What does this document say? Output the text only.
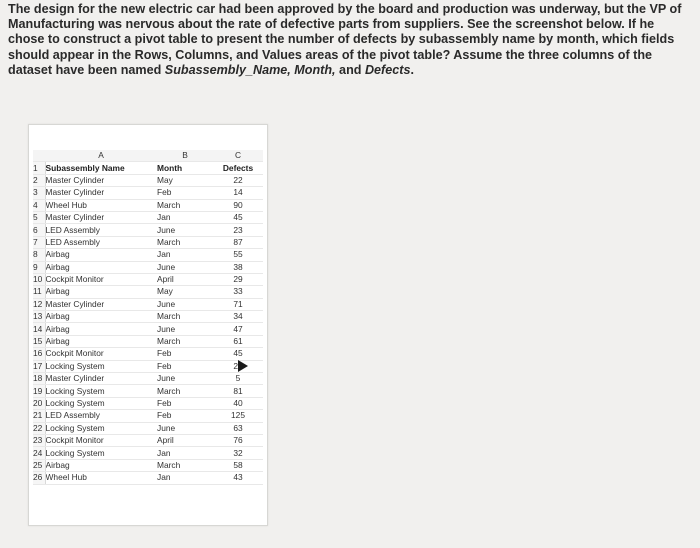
The design for the new electric car had been approved by the board and production was underway, but the VP of Manufacturing was nervous about the rate of defective parts from suppliers. See the screenshot below. If he chose to construct a pivot table to present the number of defects by subassembly name by month, which fields should appear in the Rows, Columns, and Values areas of the pivot table? Assume the three columns of the dataset have been named Subassembly_Name, Month, and Defects.
	A	B	C
1	Subassembly Name	Month	Defects
2	Master Cylinder	May	22
3	Master Cylinder	Feb	14
4	Wheel Hub	March	90
5	Master Cylinder	Jan	45
6	LED Assembly	June	23
7	LED Assembly	March	87
8	Airbag	Jan	55
9	Airbag	June	38
10	Cockpit Monitor	April	29
11	Airbag	May	33
12	Master Cylinder	June	71
13	Airbag	March	34
14	Airbag	June	47
15	Airbag	March	61
16	Cockpit Monitor	Feb	45
17	Locking System	Feb	23
18	Master Cylinder	June	5
19	Locking System	March	81
20	Locking System	Feb	40
21	LED Assembly	Feb	125
22	Locking System	June	63
23	Cockpit Monitor	April	76
24	Locking System	Jan	32
25	Airbag	March	58
26	Wheel Hub	Jan	43
